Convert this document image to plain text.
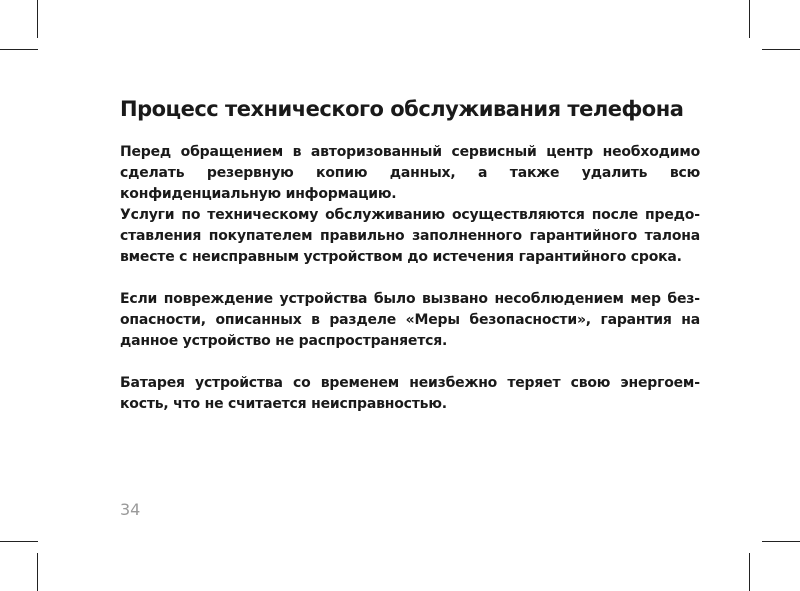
Процесс технического обслуживания телефона

Перед обращением в авторизованный сервисный центр необходимо сделать резервную копию данных, а также удалить всю конфиденциальную информацию.

Услуги по техническому обслуживанию осуществляются после предоставления покупателем правильно заполненного гарантийного талона вместе с неисправным устройством до истечения гарантийного срока.

Если повреждение устройства было вызвано несоблюдением мер безопасности, описанных в разделе «Меры безопасности», гарантия на данное устройство не распространяется.

Батарея устройства со временем неизбежно теряет свою энергоемкость, что не считается неисправностью.

34
